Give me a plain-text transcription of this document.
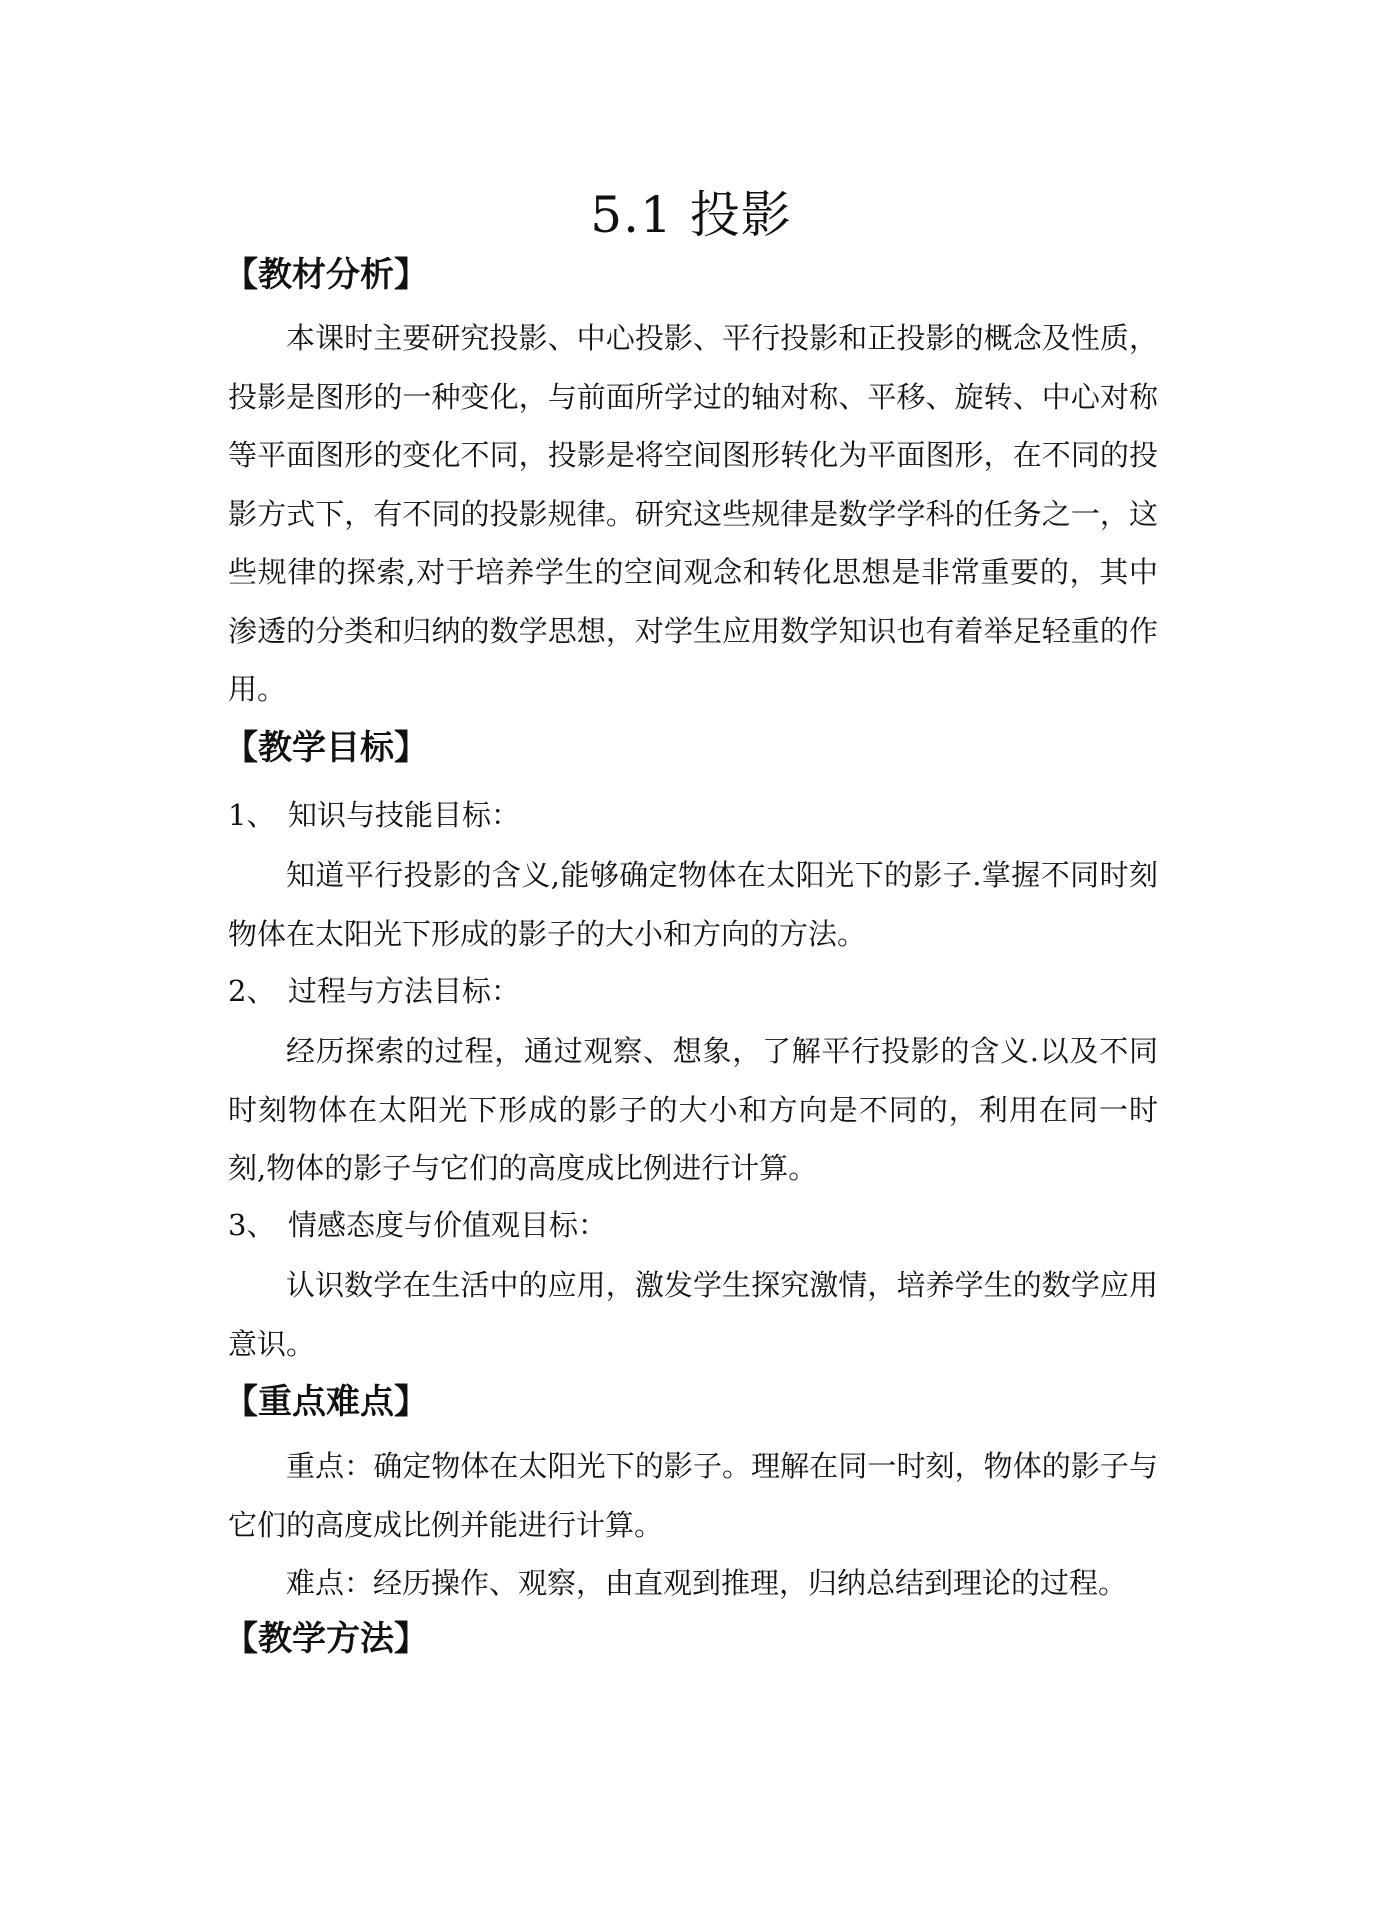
5.1 投影
【教材分析】

本课时主要研究投影、中心投影、平行投影和正投影的概念及性质，投影是图形的一种变化，与前面所学过的轴对称、平移、旋转、中心对称等平面图形的变化不同，投影是将空间图形转化为平面图形，在不同的投影方式下，有不同的投影规律。研究这些规律是数学学科的任务之一，这些规律的探索,对于培养学生的空间观念和转化思想是非常重要的，其中渗透的分类和归纳的数学思想，对学生应用数学知识也有着举足轻重的作用。

【教学目标】
1、 知识与技能目标：

知道平行投影的含义,能够确定物体在太阳光下的影子.掌握不同时刻物体在太阳光下形成的影子的大小和方向的方法。

2、 过程与方法目标：

经历探索的过程，通过观察、想象，了解平行投影的含义.以及不同时刻物体在太阳光下形成的影子的大小和方向是不同的，利用在同一时刻,物体的影子与它们的高度成比例进行计算。

3、 情感态度与价值观目标：

认识数学在生活中的应用，激发学生探究激情，培养学生的数学应用意识。

【重点难点】

重点：确定物体在太阳光下的影子。理解在同一时刻，物体的影子与它们的高度成比例并能进行计算。

难点：经历操作、观察，由直观到推理，归纳总结到理论的过程。

【教学方法】
